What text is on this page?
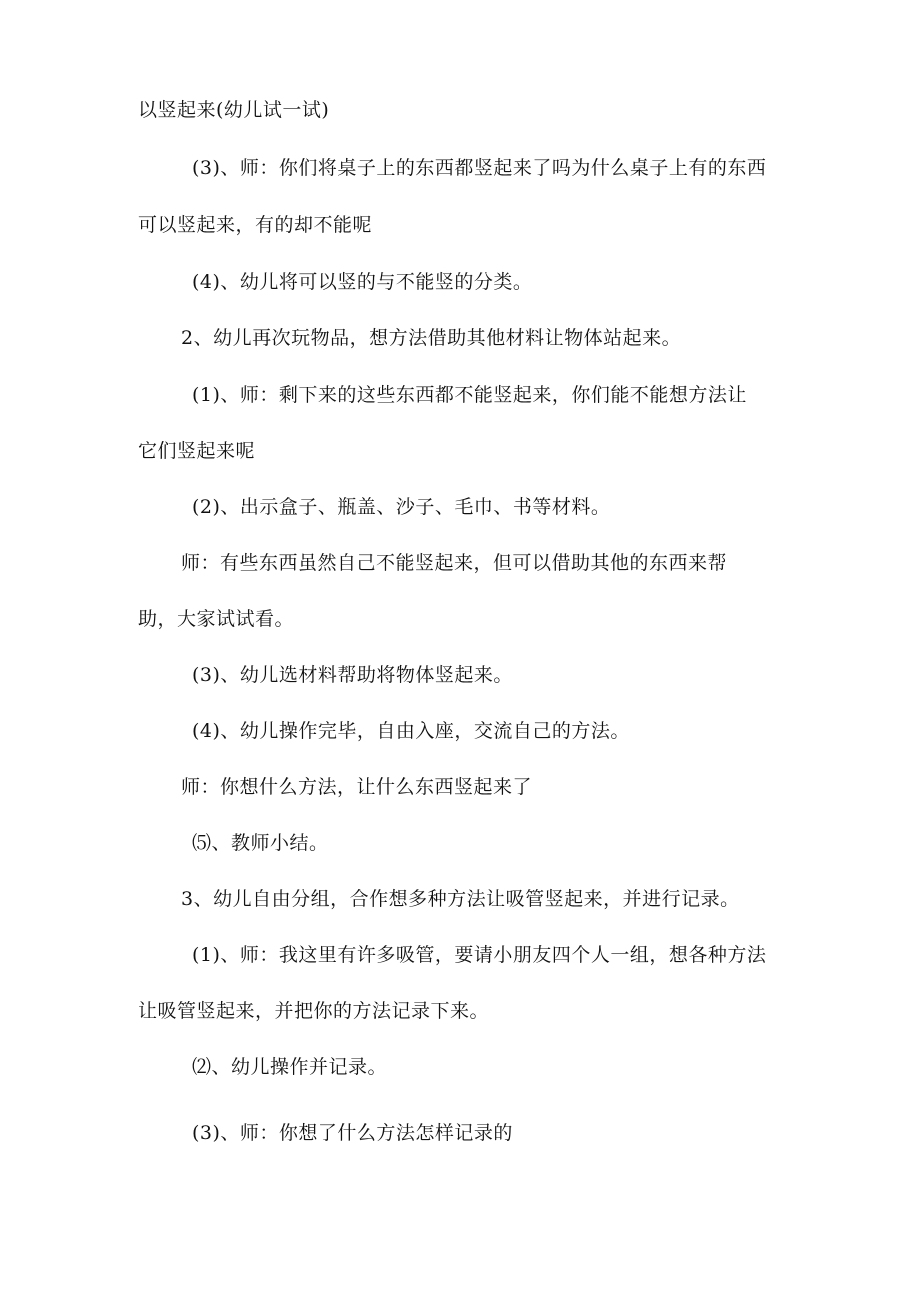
以竖起来(幼儿试一试)
(3)、师：你们将桌子上的东西都竖起来了吗为什么桌子上有的东西
可以竖起来，有的却不能呢
(4)、幼儿将可以竖的与不能竖的分类。
2、幼儿再次玩物品，想方法借助其他材料让物体站起来。
(1)、师：剩下来的这些东西都不能竖起来，你们能不能想方法让
它们竖起来呢
(2)、出示盒子、瓶盖、沙子、毛巾、书等材料。
师：有些东西虽然自己不能竖起来，但可以借助其他的东西来帮
助，大家试试看。
(3)、幼儿选材料帮助将物体竖起来。
(4)、幼儿操作完毕，自由入座，交流自己的方法。
师：你想什么方法，让什么东西竖起来了
⑸、教师小结。
3、幼儿自由分组，合作想多种方法让吸管竖起来，并进行记录。
(1)、师：我这里有许多吸管，要请小朋友四个人一组，想各种方法
让吸管竖起来，并把你的方法记录下来。
⑵、幼儿操作并记录。
(3)、师：你想了什么方法怎样记录的
